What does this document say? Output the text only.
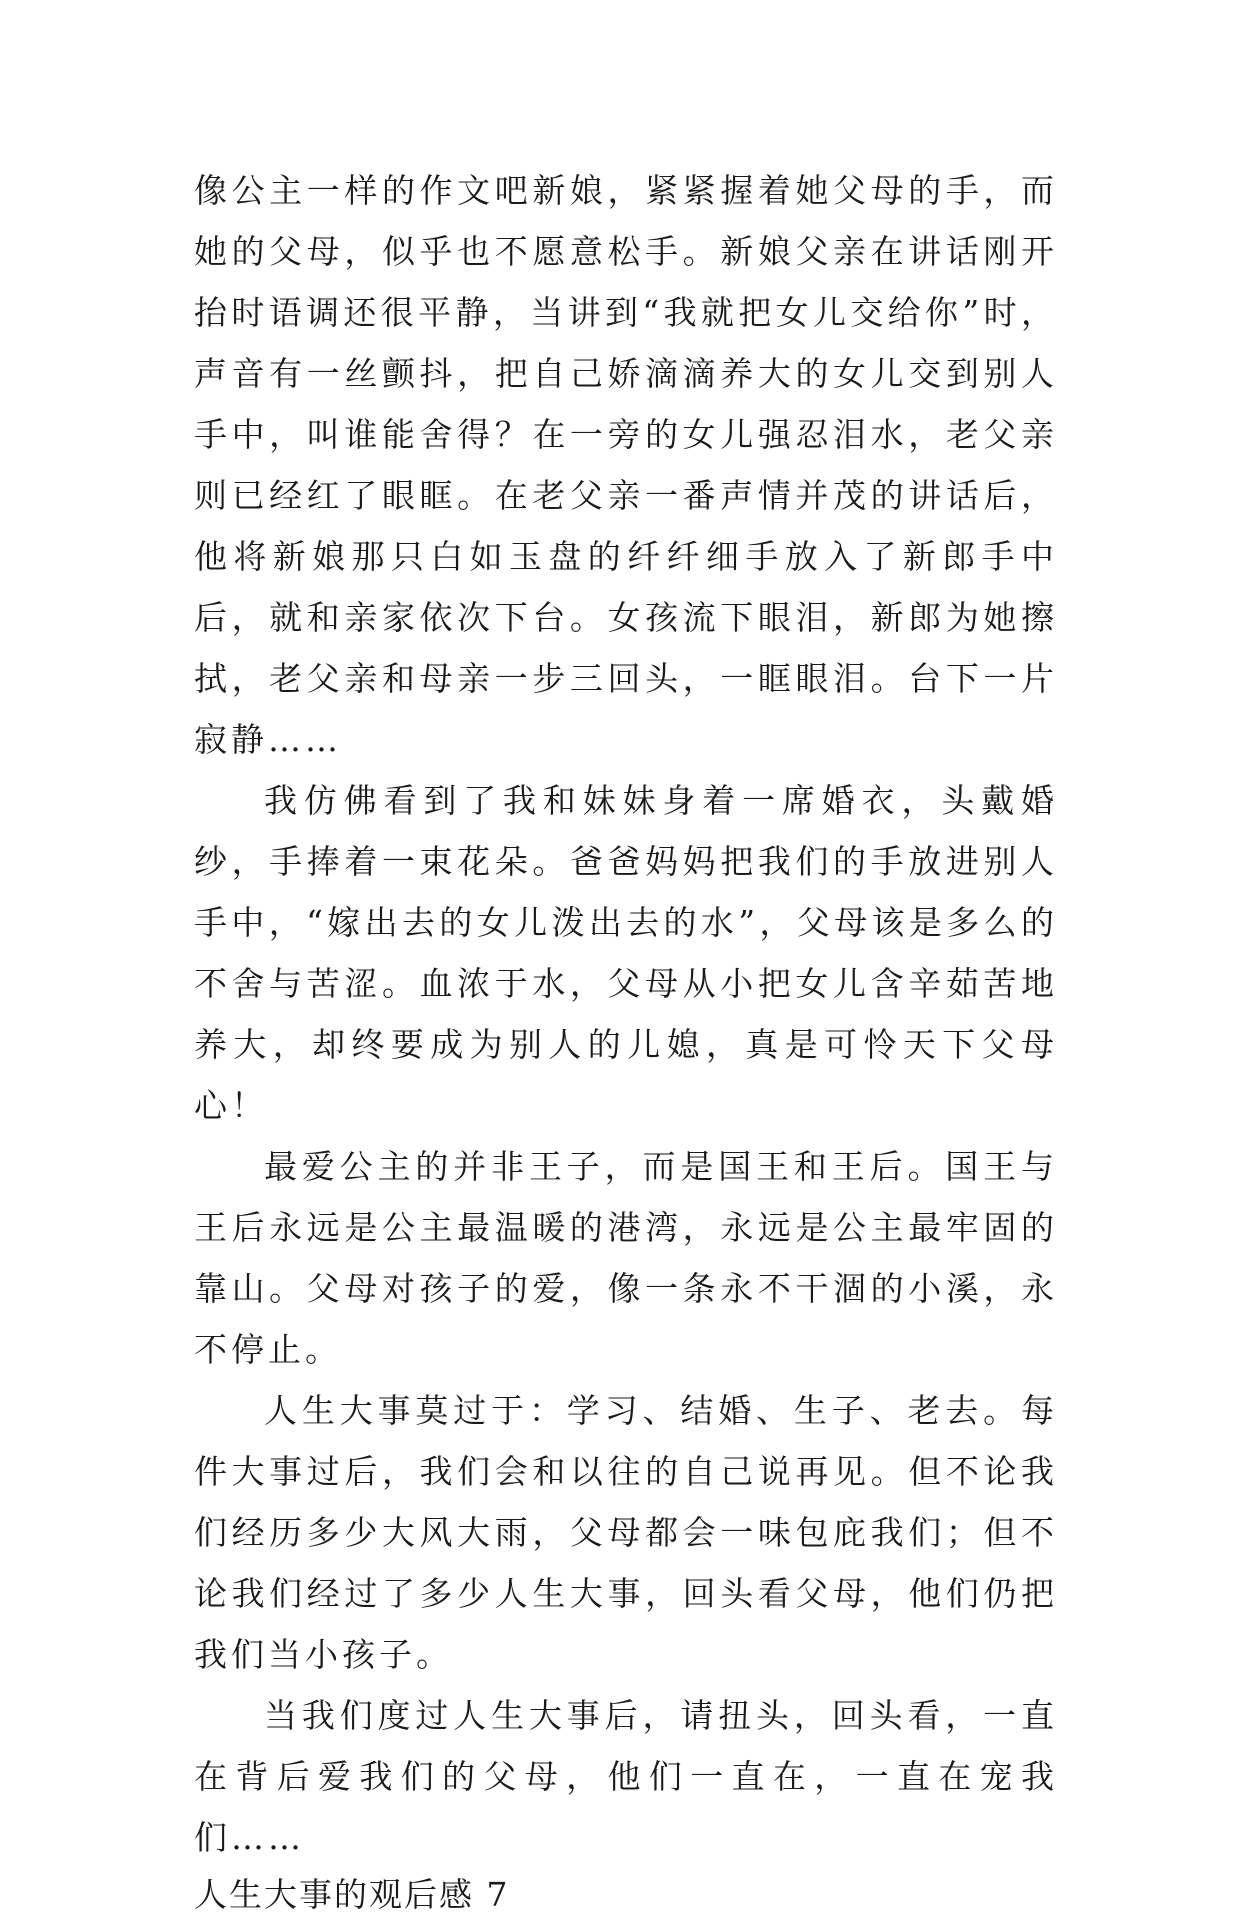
像公主一样的作文吧新娘，紧紧握着她父母的手，而她的父母，似乎也不愿意松手。新娘父亲在讲话刚开抬时语调还很平静，当讲到“我就把女儿交给你”时，声音有一丝颤抖，把自己娇滴滴养大的女儿交到别人手中，叫谁能舍得？在一旁的女儿强忍泪水，老父亲则已经红了眼眶。在老父亲一番声情并茂的讲话后，他将新娘那只白如玉盘的纤纤细手放入了新郎手中后，就和亲家依次下台。女孩流下眼泪，新郎为她擦拭，老父亲和母亲一步三回头，一眶眼泪。台下一片寂静……

我仿佛看到了我和妹妹身着一席婚衣，头戴婚纱，手捧着一束花朵。爸爸妈妈把我们的手放进别人手中，“嫁出去的女儿泼出去的水”，父母该是多么的不舍与苦涩。血浓于水，父母从小把女儿含辛茹苦地养大，却终要成为别人的儿媳，真是可怜天下父母心！

最爱公主的并非王子，而是国王和王后。国王与王后永远是公主最温暖的港湾，永远是公主最牢固的靠山。父母对孩子的爱，像一条永不干涸的小溪，永不停止。

人生大事莫过于：学习、结婚、生子、老去。每件大事过后，我们会和以往的自己说再见。但不论我们经历多少大风大雨，父母都会一味包庇我们；但不论我们经过了多少人生大事，回头看父母，他们仍把我们当小孩子。

当我们度过人生大事后，请扭头，回头看，一直在背后爱我们的父母，他们一直在，一直在宠我们……

人生大事的观后感 7
